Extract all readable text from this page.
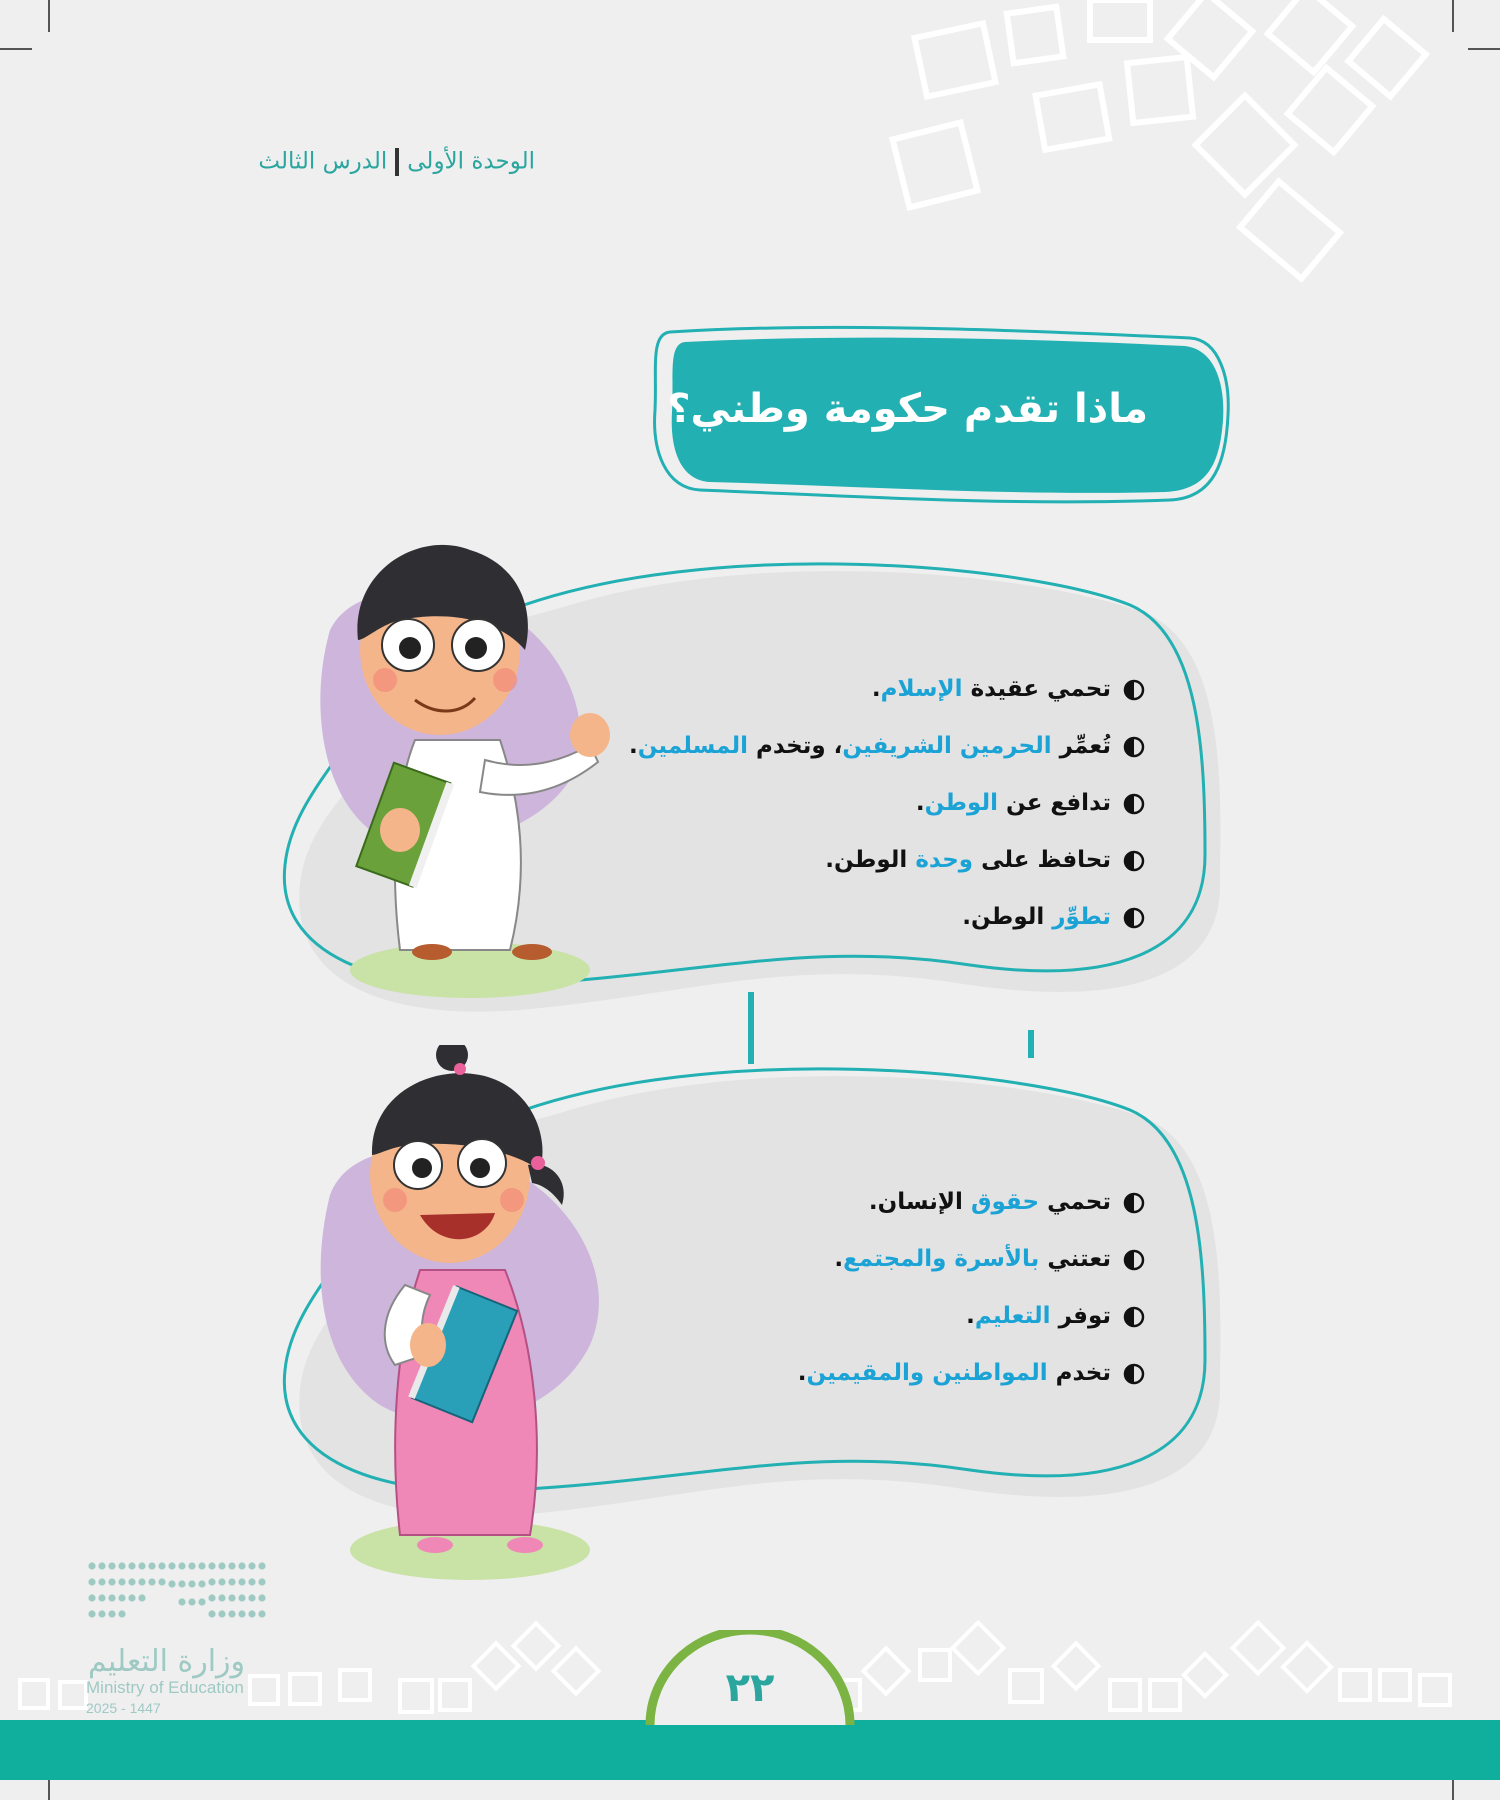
الوحدة الأولىالدرس الثالث
ماذا تقدم حكومة وطني؟
تحمي عقيدة الإسلام.
تُعمِّر الحرمين الشريفين، وتخدم المسلمين.
تدافع عن الوطن.
تحافظ على وحدة الوطن.
تطوِّر الوطن.
تحمي حقوق الإنسان.
تعتني بالأسرة والمجتمع.
توفر التعليم.
تخدم المواطنين والمقيمين.
وزارة التعليم
Ministry of Education
2025 - 1447	٢٢
